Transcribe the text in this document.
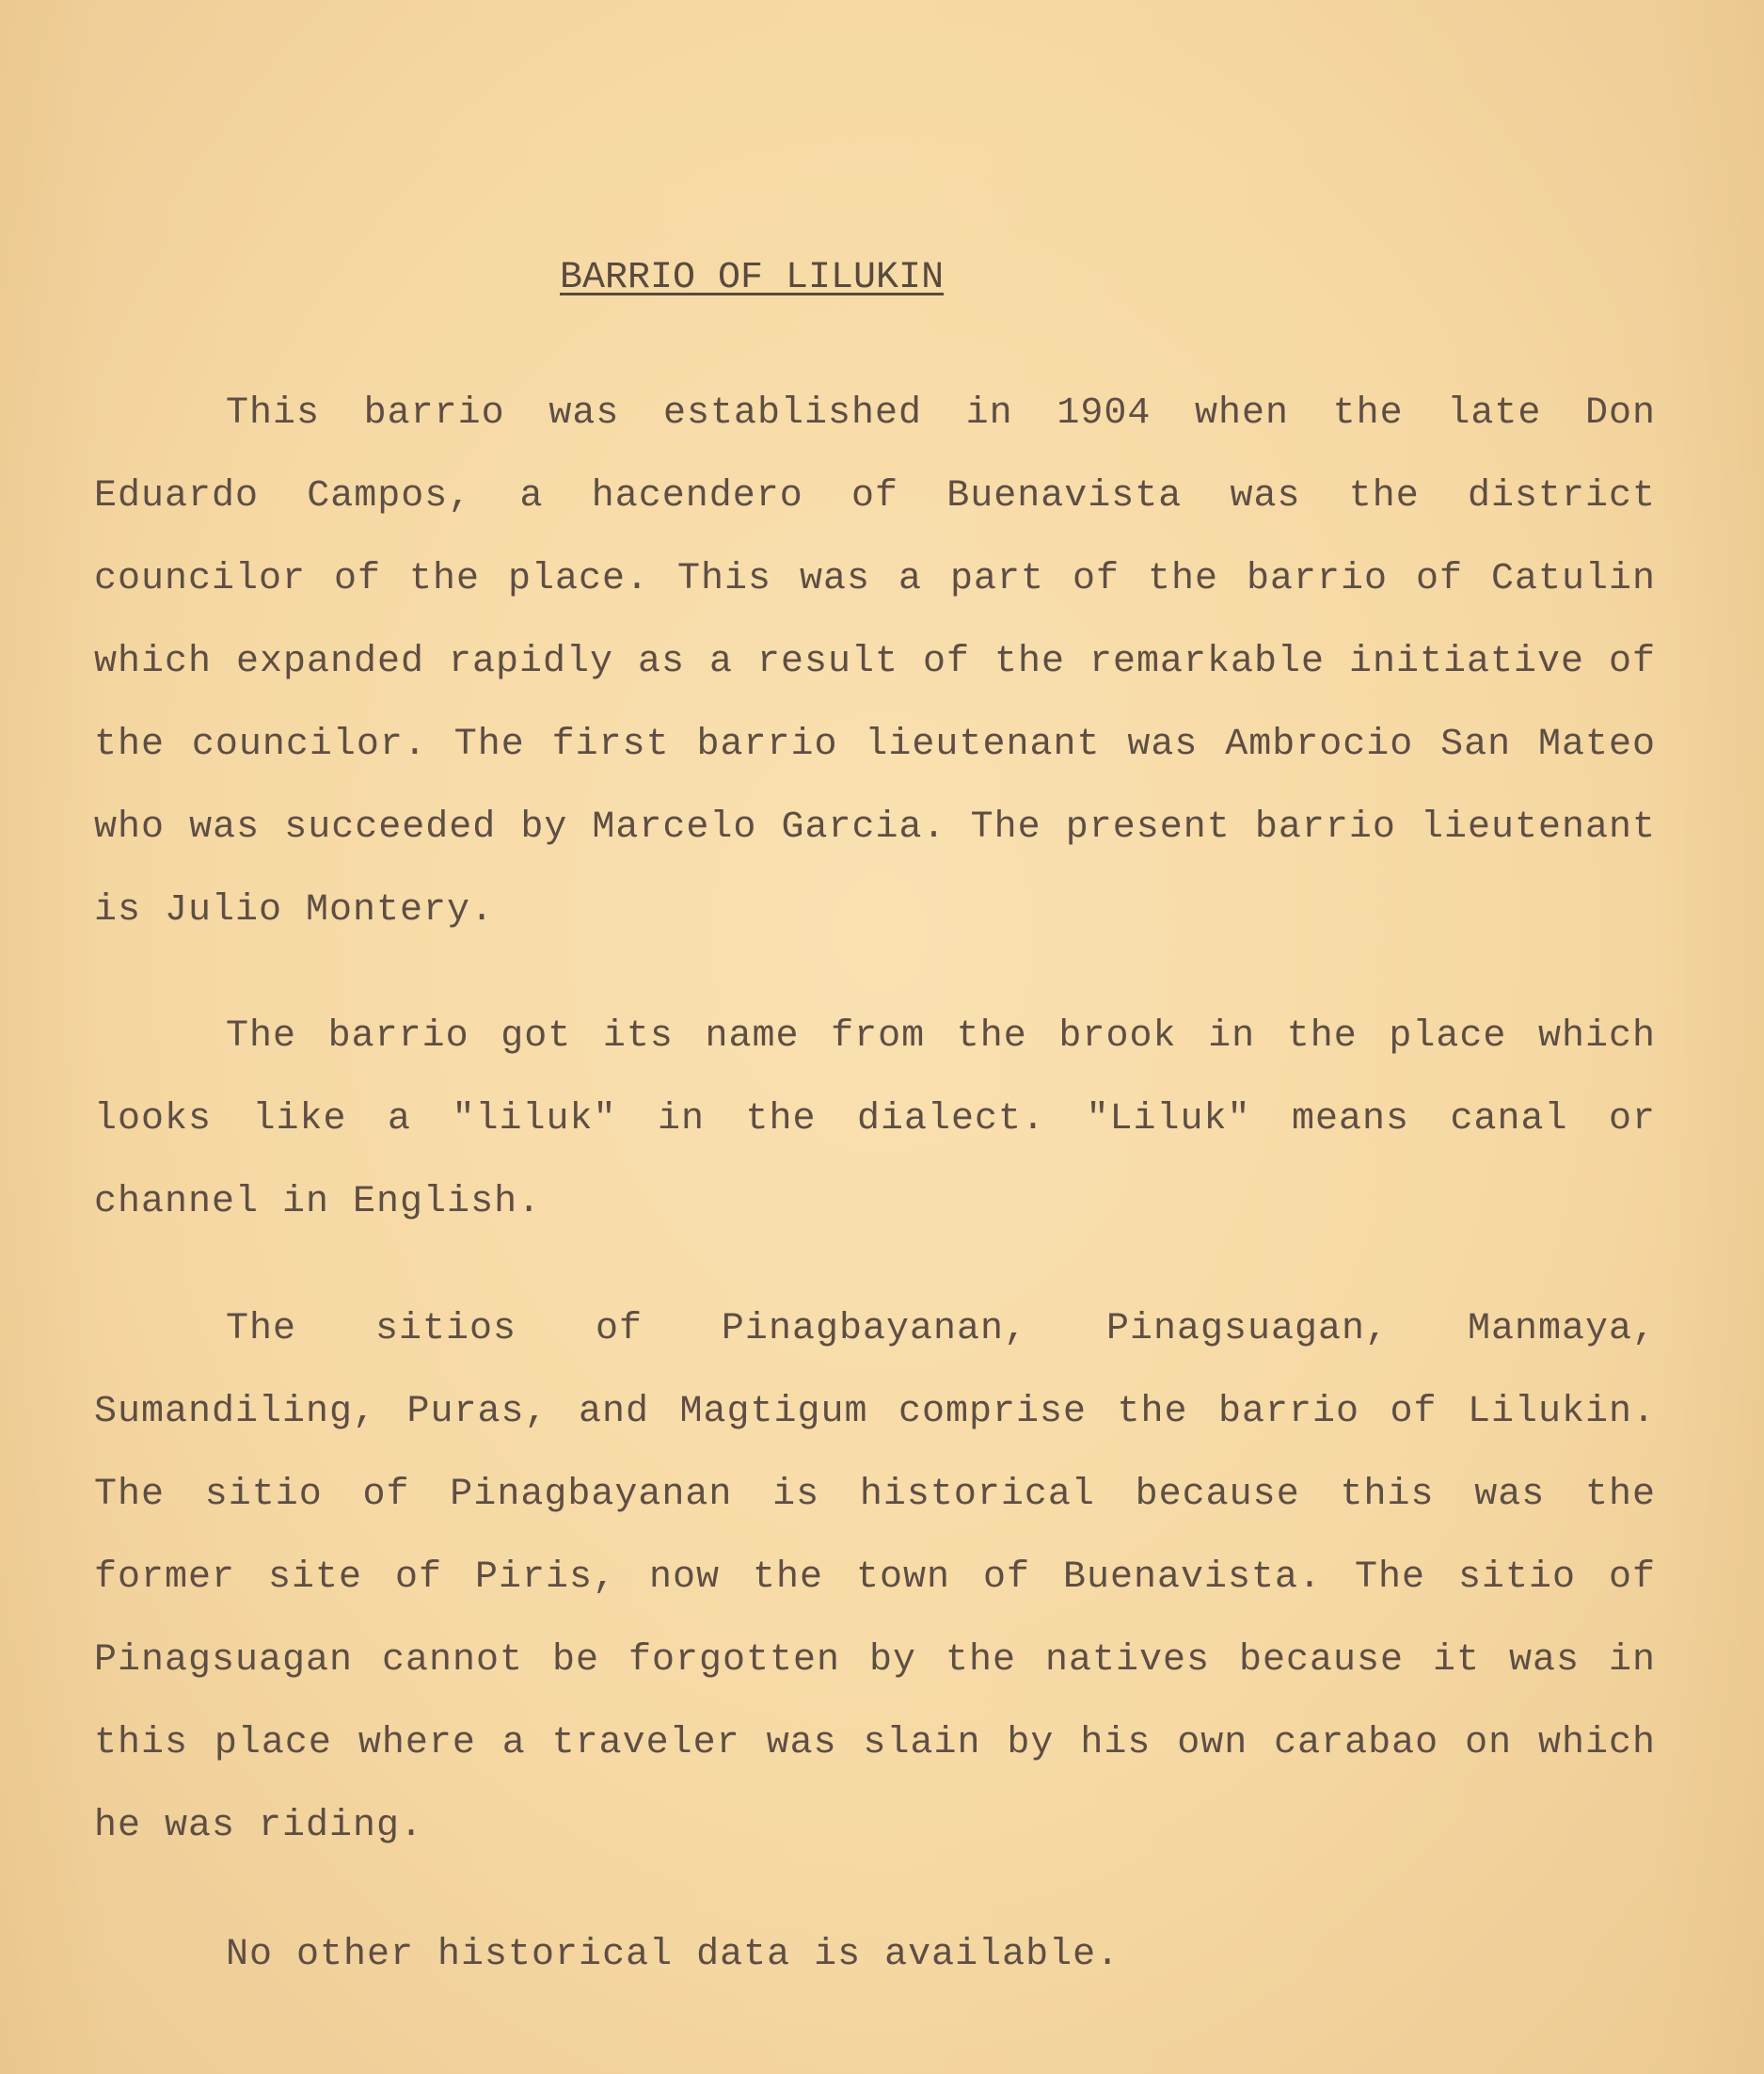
BARRIO OF LILUKIN

This barrio was established in 1904 when the late Don Eduardo Campos, a hacendero of Buenavista was the district councilor of the place. This was a part of the barrio of Catulin which expanded rapidly as a result of the remarkable initiative of the councilor. The first barrio lieutenant was Ambrocio San Mateo who was succeeded by Marcelo Garcia. The present barrio lieutenant is Julio Montery.

The barrio got its name from the brook in the place which looks like a "liluk" in the dialect. "Liluk" means canal or channel in English.

The sitios of Pinagbayanan, Pinagsuagan, Manmaya, Sumandiling, Puras, and Magtigum comprise the barrio of Lilukin. The sitio of Pinagbayanan is historical because this was the former site of Piris, now the town of Buenavista. The sitio of Pinagsuagan cannot be forgotten by the natives because it was in this place where a traveler was slain by his own carabao on which he was riding.

No other historical data is available.
